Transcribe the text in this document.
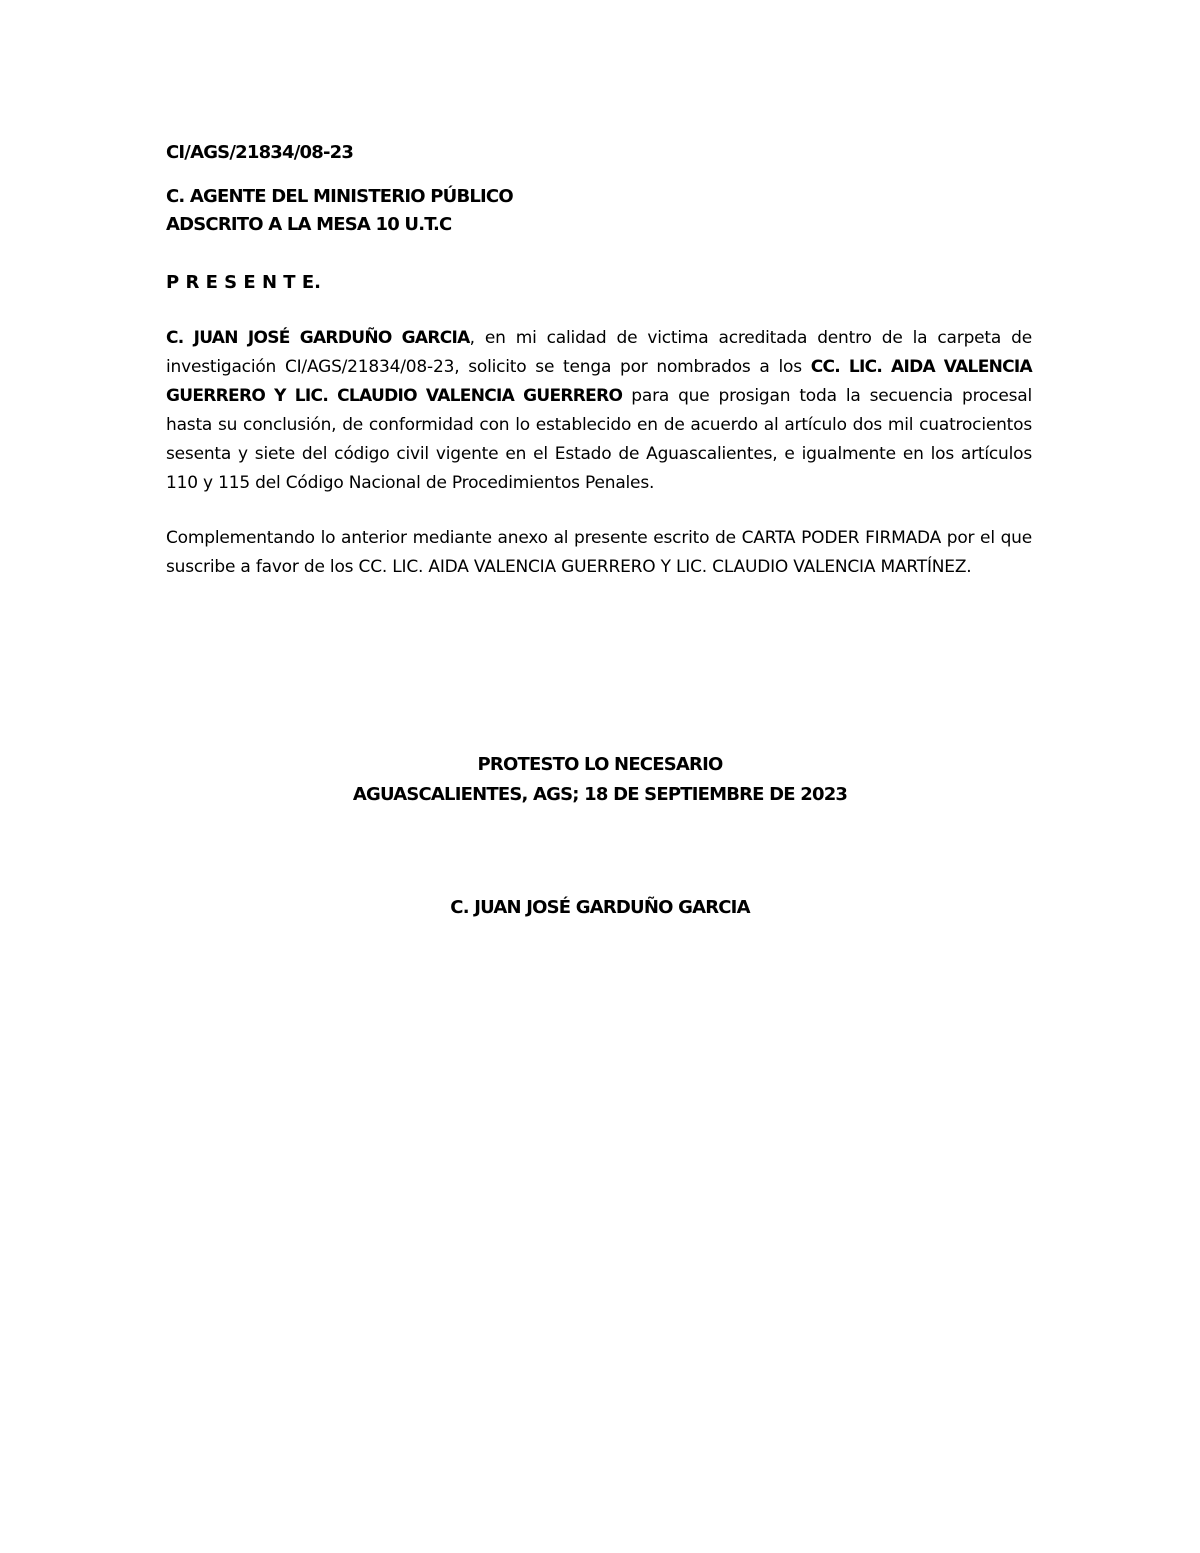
CI/AGS/21834/08-23
C. AGENTE DEL MINISTERIO PÚBLICO
ADSCRITO A LA MESA 10 U.T.C
P R E S E N T E.
C. JUAN JOSÉ GARDUÑO GARCIA, en mi calidad de victima acreditada dentro de la carpeta de investigación CI/AGS/21834/08-23, solicito se tenga por nombrados a los CC. LIC. AIDA VALENCIA GUERRERO Y LIC. CLAUDIO VALENCIA GUERRERO para que prosigan toda la secuencia procesal hasta su conclusión, de conformidad con lo establecido en de acuerdo al artículo dos mil cuatrocientos sesenta y siete del código civil vigente en el Estado de Aguascalientes, e igualmente en los artículos 110 y 115 del Código Nacional de Procedimientos Penales.
Complementando lo anterior mediante anexo al presente escrito de CARTA PODER FIRMADA por el que suscribe a favor de los CC. LIC. AIDA VALENCIA GUERRERO Y LIC. CLAUDIO VALENCIA MARTÍNEZ.
PROTESTO LO NECESARIO
AGUASCALIENTES, AGS; 18 DE SEPTIEMBRE DE 2023
C. JUAN JOSÉ GARDUÑO GARCIA
